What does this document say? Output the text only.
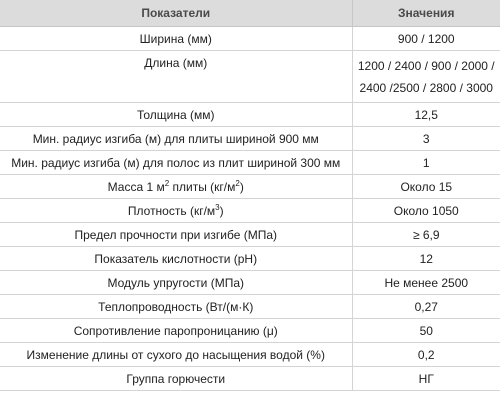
Показатели	Значения
Ширина (мм)	900 / 1200
Длина (мм)	1200 / 2400 / 900 / 2000 /
2400 /2500 / 2800 / 3000

Толщина (мм)	12,5
Мин. радиус изгиба (м) для плиты шириной 900 мм	3
Мин. радиус изгиба (м) для полос из плит шириной 300 мм	1
Масса 1 $м^2$ плиты $(кг/м^2)$	Около 15
Плотность $(кг/м^3)$	Около 1050
Предел прочности при изгибе (МПа)	≥ 6,9
Показатель кислотности (pH)	12
Модуль упругости (МПа)	Не менее 2500
Теплопроводность (Вт/(м·К)	0,27
Сопротивление паропроницанию (μ)	50
Изменение длины от сухого до насыщения водой (%)	0,2
Группа горючести	НГ
